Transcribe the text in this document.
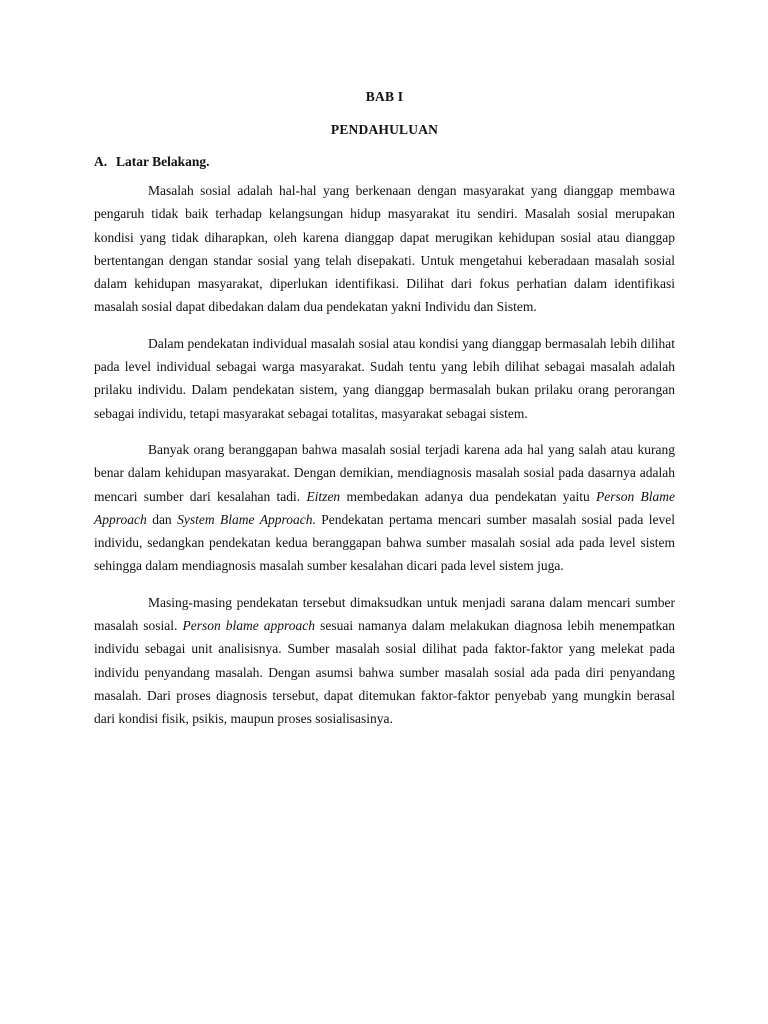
BAB I

PENDAHULUAN

A. Latar Belakang.

Masalah sosial adalah hal-hal yang berkenaan dengan masyarakat yang dianggap membawa pengaruh tidak baik terhadap kelangsungan hidup masyarakat itu sendiri. Masalah sosial merupakan kondisi yang tidak diharapkan, oleh karena dianggap dapat merugikan kehidupan sosial atau dianggap bertentangan dengan standar sosial yang telah disepakati. Untuk mengetahui keberadaan masalah sosial dalam kehidupan masyarakat, diperlukan identifikasi. Dilihat dari fokus perhatian dalam identifikasi masalah sosial dapat dibedakan dalam dua pendekatan yakni Individu dan Sistem.

Dalam pendekatan individual masalah sosial atau kondisi yang dianggap bermasalah lebih dilihat pada level individual sebagai warga masyarakat. Sudah tentu yang lebih dilihat sebagai masalah adalah prilaku individu. Dalam pendekatan sistem, yang dianggap bermasalah bukan prilaku orang perorangan sebagai individu, tetapi masyarakat sebagai totalitas, masyarakat sebagai sistem.

Banyak orang beranggapan bahwa masalah sosial terjadi karena ada hal yang salah atau kurang benar dalam kehidupan masyarakat. Dengan demikian, mendiagnosis masalah sosial pada dasarnya adalah mencari sumber dari kesalahan tadi. Eitzen membedakan adanya dua pendekatan yaitu Person Blame Approach dan System Blame Approach. Pendekatan pertama mencari sumber masalah sosial pada level individu, sedangkan pendekatan kedua beranggapan bahwa sumber masalah sosial ada pada level sistem sehingga dalam mendiagnosis masalah sumber kesalahan dicari pada level sistem juga.

Masing-masing pendekatan tersebut dimaksudkan untuk menjadi sarana dalam mencari sumber masalah sosial. Person blame approach sesuai namanya dalam melakukan diagnosa lebih menempatkan individu sebagai unit analisisnya. Sumber masalah sosial dilihat pada faktor-faktor yang melekat pada individu penyandang masalah. Dengan asumsi bahwa sumber masalah sosial ada pada diri penyandang masalah. Dari proses diagnosis tersebut, dapat ditemukan faktor-faktor penyebab yang mungkin berasal dari kondisi fisik, psikis, maupun proses sosialisasinya.
